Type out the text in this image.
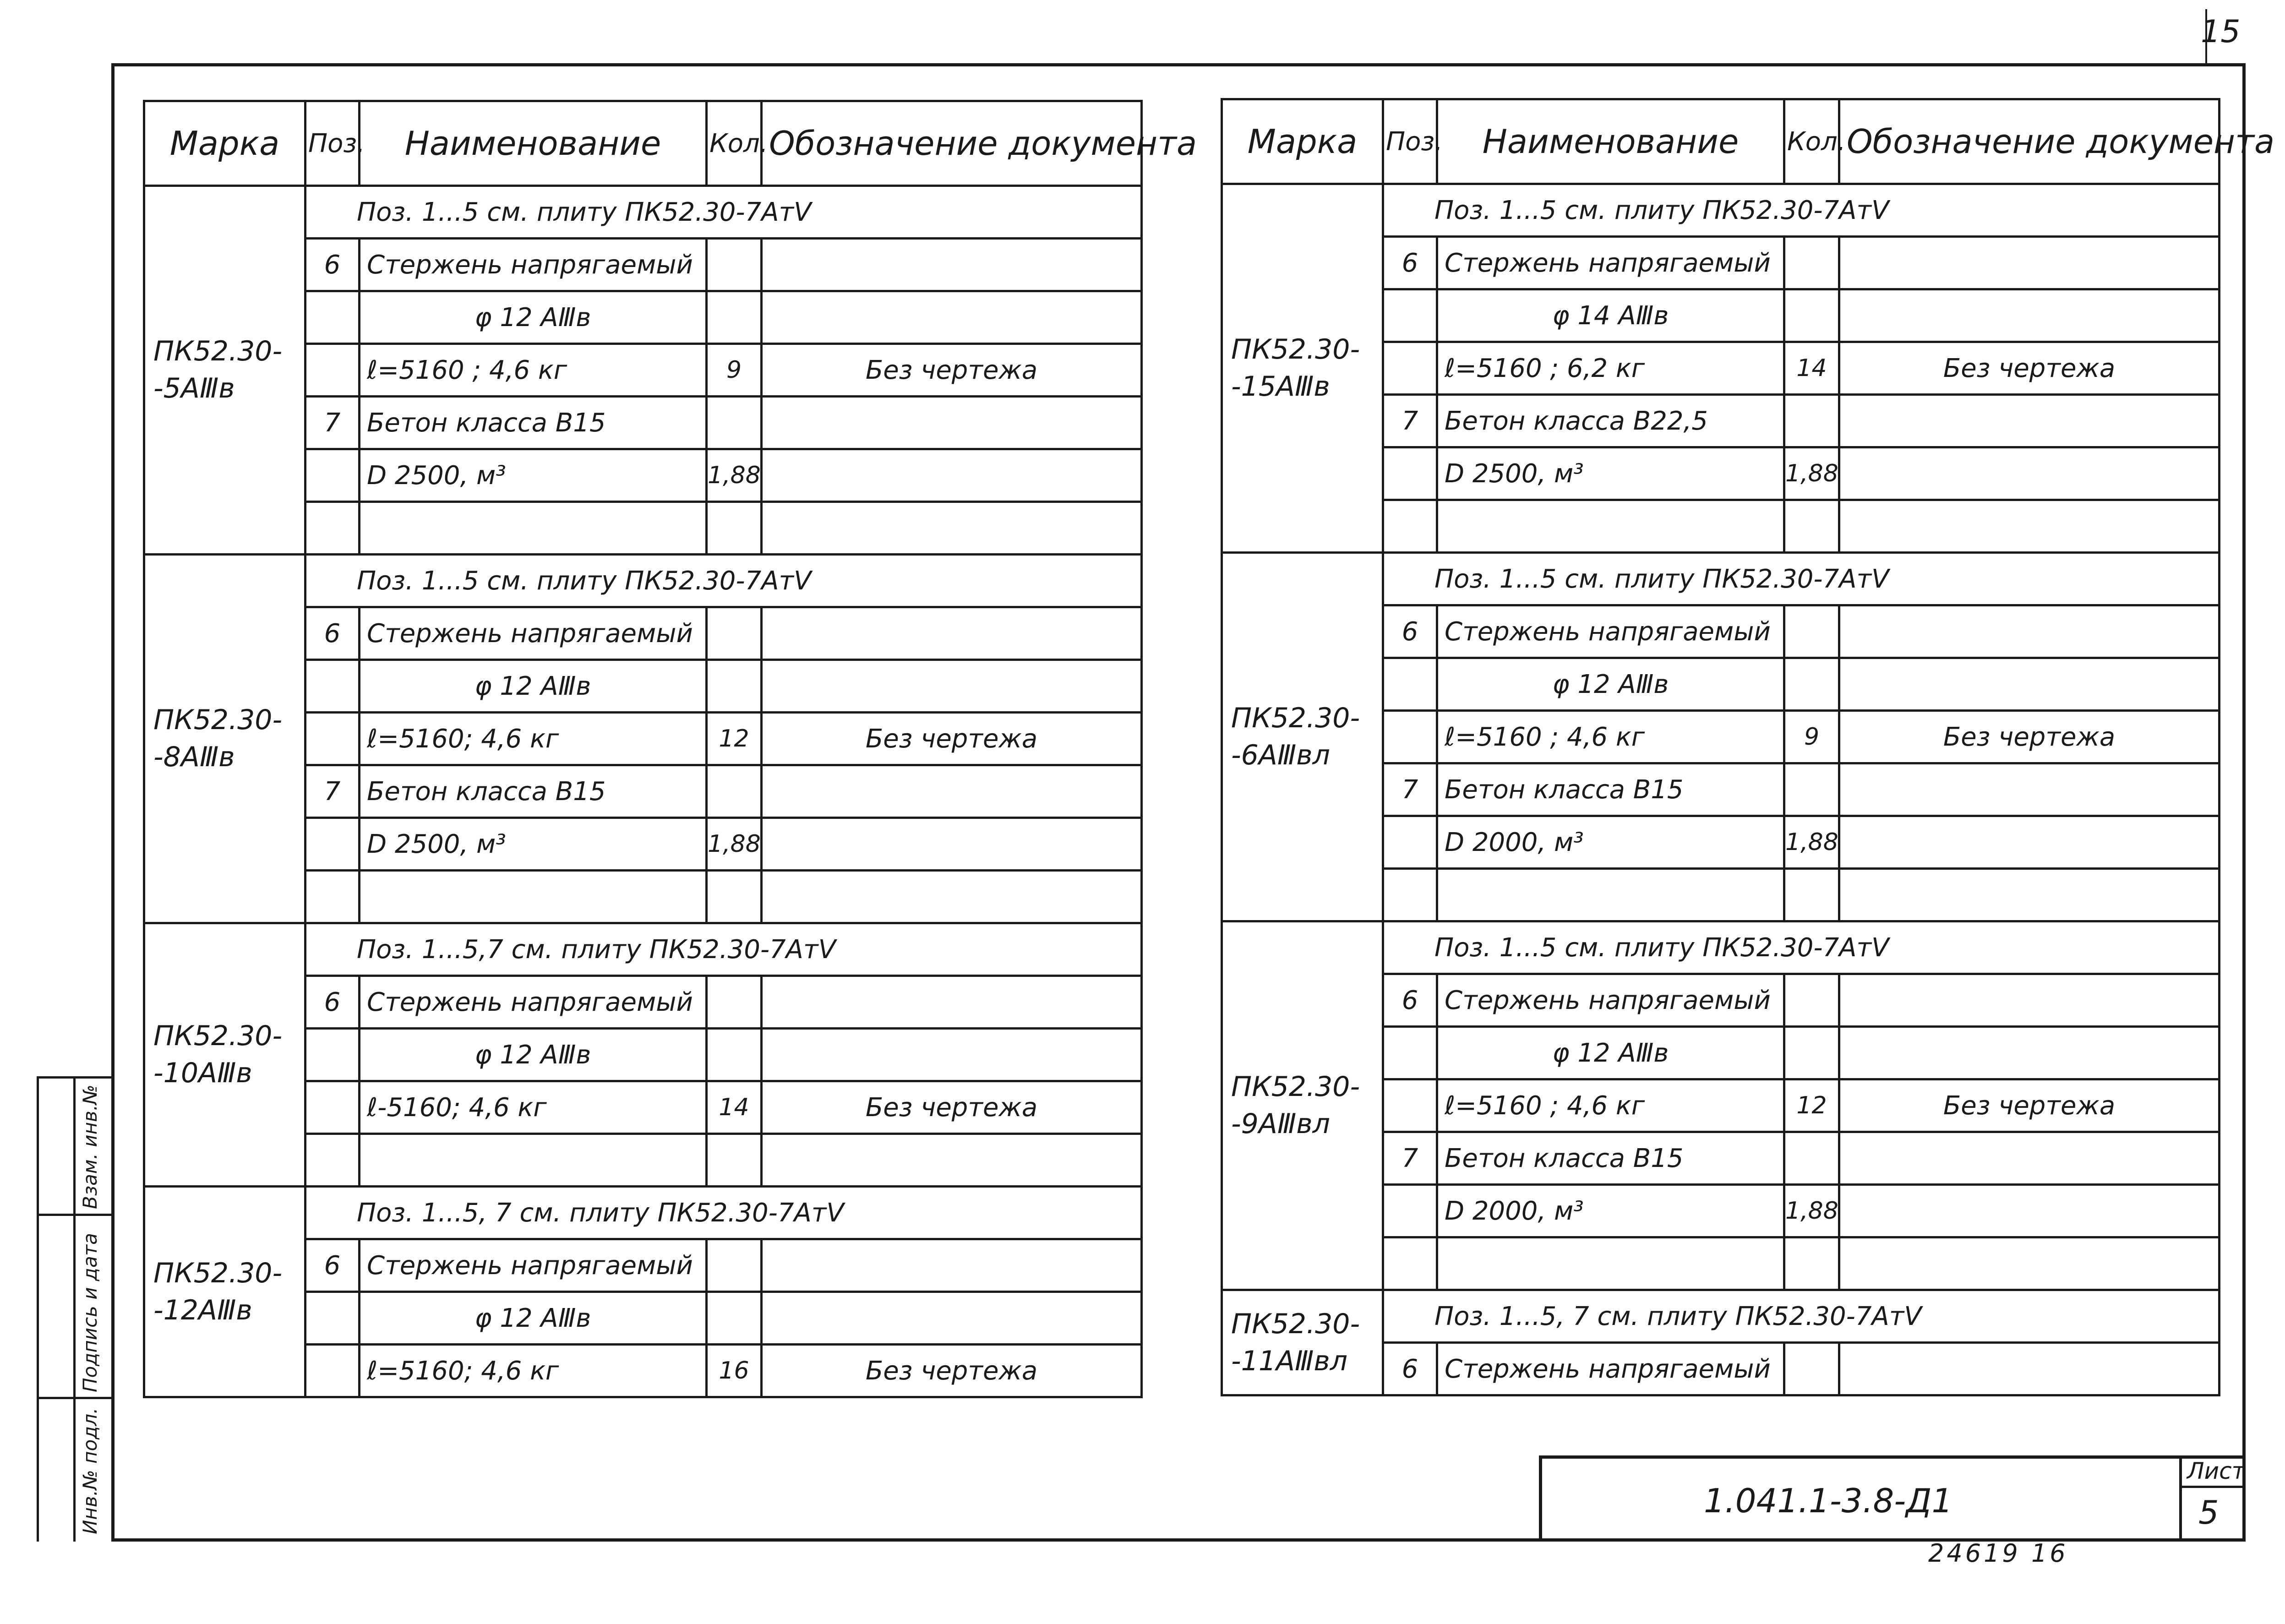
15
Марка	Поз.	Наименование	Кол.	Обозначение документа
ПК52.30-
-5АⅢв	Поз. 1...5 см. плиту ПК52.30-7АтⅤ			
	6	Стержень напрягаемый		
		φ 12 АⅢв		
		ℓ=5160 ; 4,6 кг	9	Без чертежа
	7	Бетон класса В15		
		D 2500, м³	1,88	

ПК52.30-
-8АⅢв	Поз. 1...5 см. плиту ПК52.30-7АтⅤ			
	6	Стержень напрягаемый		
		φ 12 АⅢв		
		ℓ=5160; 4,6 кг	12	Без чертежа
	7	Бетон класса В15		
		D 2500, м³	1,88	

ПК52.30-
-10АⅢв	Поз. 1...5,7 см. плиту ПК52.30-7АтⅤ			
	6	Стержень напрягаемый		
		φ 12 АⅢв		
		ℓ-5160; 4,6 кг	14	Без чертежа

ПК52.30-
-12АⅢв	Поз. 1...5, 7 см. плиту ПК52.30-7АтⅤ			
	6	Стержень напрягаемый		
		φ 12 АⅢв		
		ℓ=5160; 4,6 кг	16	Без чертежа
Марка	Поз.	Наименование	Кол.	Обозначение документа
ПК52.30-
-15АⅢв	Поз. 1...5 см. плиту ПК52.30-7АтⅤ			
	6	Стержень напрягаемый		
		φ 14 АⅢв		
		ℓ=5160 ; 6,2 кг	14	Без чертежа
	7	Бетон класса В22,5		
		D 2500, м³	1,88	

ПК52.30-
-6АⅢвл	Поз. 1...5 см. плиту ПК52.30-7АтⅤ			
	6	Стержень напрягаемый		
		φ 12 АⅢв		
		ℓ=5160 ; 4,6 кг	9	Без чертежа
	7	Бетон класса В15		
		D 2000, м³	1,88	

ПК52.30-
-9АⅢвл	Поз. 1...5 см. плиту ПК52.30-7АтⅤ			
	6	Стержень напрягаемый		
		φ 12 АⅢв		
		ℓ=5160 ; 4,6 кг	12	Без чертежа
	7	Бетон класса В15		
		D 2000, м³	1,88	

ПК52.30-
-11АⅢвл	Поз. 1...5, 7 см. плиту ПК52.30-7АтⅤ			
	6	Стержень напрягаемый		
Инв.№ подл.
Подпись и дата
Взам. инв.№
1.041.1-3.8-Д1
Лист
5
24619 16
